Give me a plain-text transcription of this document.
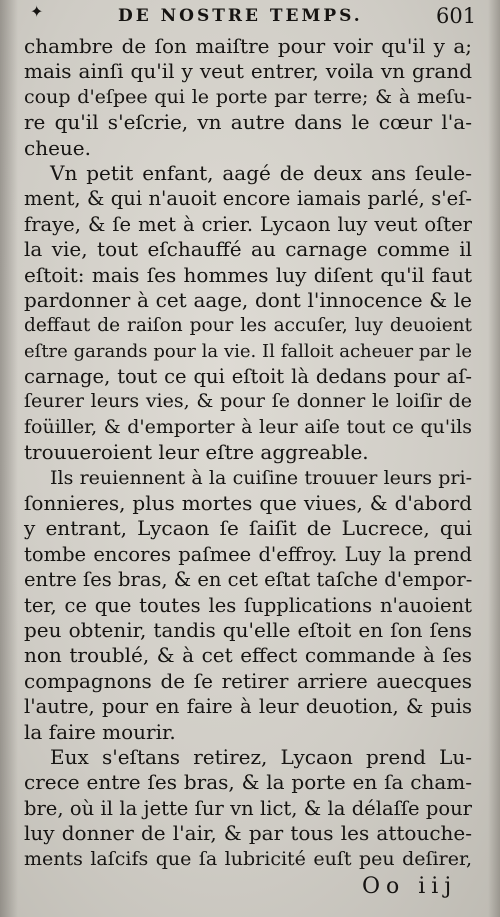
✦	DE NOSTRE TEMPS.	601
chambre de ſon maiſtre pour voir qu'il y a;
mais ainſi qu'il y veut entrer, voila vn grand
coup d'eſpee qui le porte par terre; & à meſu-
re qu'il s'eſcrie, vn autre dans le cœur l'a-
cheue.
Vn petit enfant, aagé de deux ans ſeule-
ment, & qui n'auoit encore iamais parlé, s'eſ-
fraye, & ſe met à crier. Lycaon luy veut oſter
la vie, tout eſchauffé au carnage comme il
eſtoit: mais ſes hommes luy diſent qu'il faut
pardonner à cet aage, dont l'innocence & le
deffaut de raiſon pour les accuſer, luy deuoient
eſtre garands pour la vie. Il falloit acheuer par le
carnage, tout ce qui eſtoit là dedans pour aſ-
ſeurer leurs vies, & pour ſe donner le loiſir de
foüiller, & d'emporter à leur aiſe tout ce qu'ils
trouueroient leur eſtre aggreable.
Ils reuiennent à la cuiſine trouuer leurs pri-
ſonnieres, plus mortes que viues, & d'abord
y entrant, Lycaon ſe ſaiſit de Lucrece, qui
tombe encores paſmee d'effroy. Luy la prend
entre ſes bras, & en cet eſtat taſche d'empor-
ter, ce que toutes les ſupplications n'auoient
peu obtenir, tandis qu'elle eſtoit en ſon ſens
non troublé, & à cet effect commande à ſes
compagnons de ſe retirer arriere auecques
l'autre, pour en faire à leur deuotion, & puis
la faire mourir.
Eux s'eſtans retirez, Lycaon prend Lu-
crece entre ſes bras, & la porte en ſa cham-
bre, où il la jette ſur vn lict, & la délaſſe pour
luy donner de l'air, & par tous les attouche-
ments laſcifs que ſa lubricité euſt peu deſirer,
Oo iij
